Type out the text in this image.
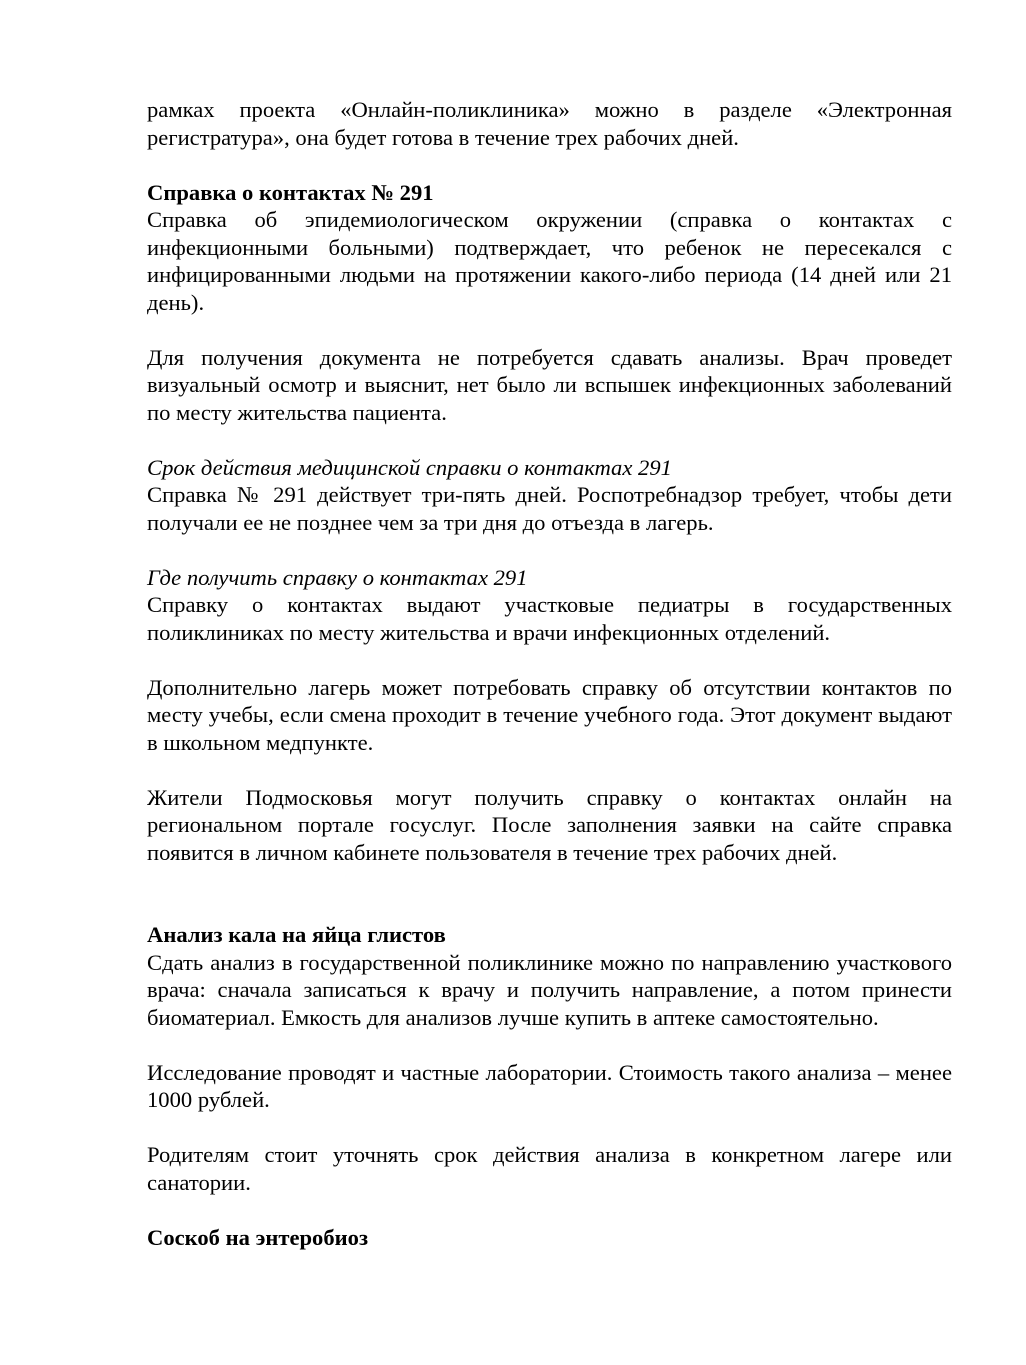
рамках проекта «Онлайн-поликлиника» можно в разделе «Электронная регистратура», она будет готова в течение трех рабочих дней.

Справка о контактах № 291

Справка об эпидемиологическом окружении (справка о контактах с инфекционными больными) подтверждает, что ребенок не пересекался с инфицированными людьми на протяжении какого-либо периода (14 дней или 21 день).

Для получения документа не потребуется сдавать анализы. Врач проведет визуальный осмотр и выяснит, нет было ли вспышек инфекционных заболеваний по месту жительства пациента.

Срок действия медицинской справки о контактах 291

Справка № 291 действует три-пять дней. Роспотребнадзор требует, чтобы дети получали ее не позднее чем за три дня до отъезда в лагерь.

Где получить справку о контактах 291

Справку о контактах выдают участковые педиатры в государственных поликлиниках по месту жительства и врачи инфекционных отделений.

Дополнительно лагерь может потребовать справку об отсутствии контактов по месту учебы, если смена проходит в течение учебного года. Этот документ выдают в школьном медпункте.

Жители Подмосковья могут получить справку о контактах онлайн на региональном портале госуслуг. После заполнения заявки на сайте справка появится в личном кабинете пользователя в течение трех рабочих дней.

Анализ кала на яйца глистов

Сдать анализ в государственной поликлинике можно по направлению участкового врача: сначала записаться к врачу и получить направление, а потом принести биоматериал. Емкость для анализов лучше купить в аптеке самостоятельно.

Исследование проводят и частные лаборатории. Стоимость такого анализа – менее 1000 рублей.

Родителям стоит уточнять срок действия анализа в конкретном лагере или санатории.

Соскоб на энтеробиоз
